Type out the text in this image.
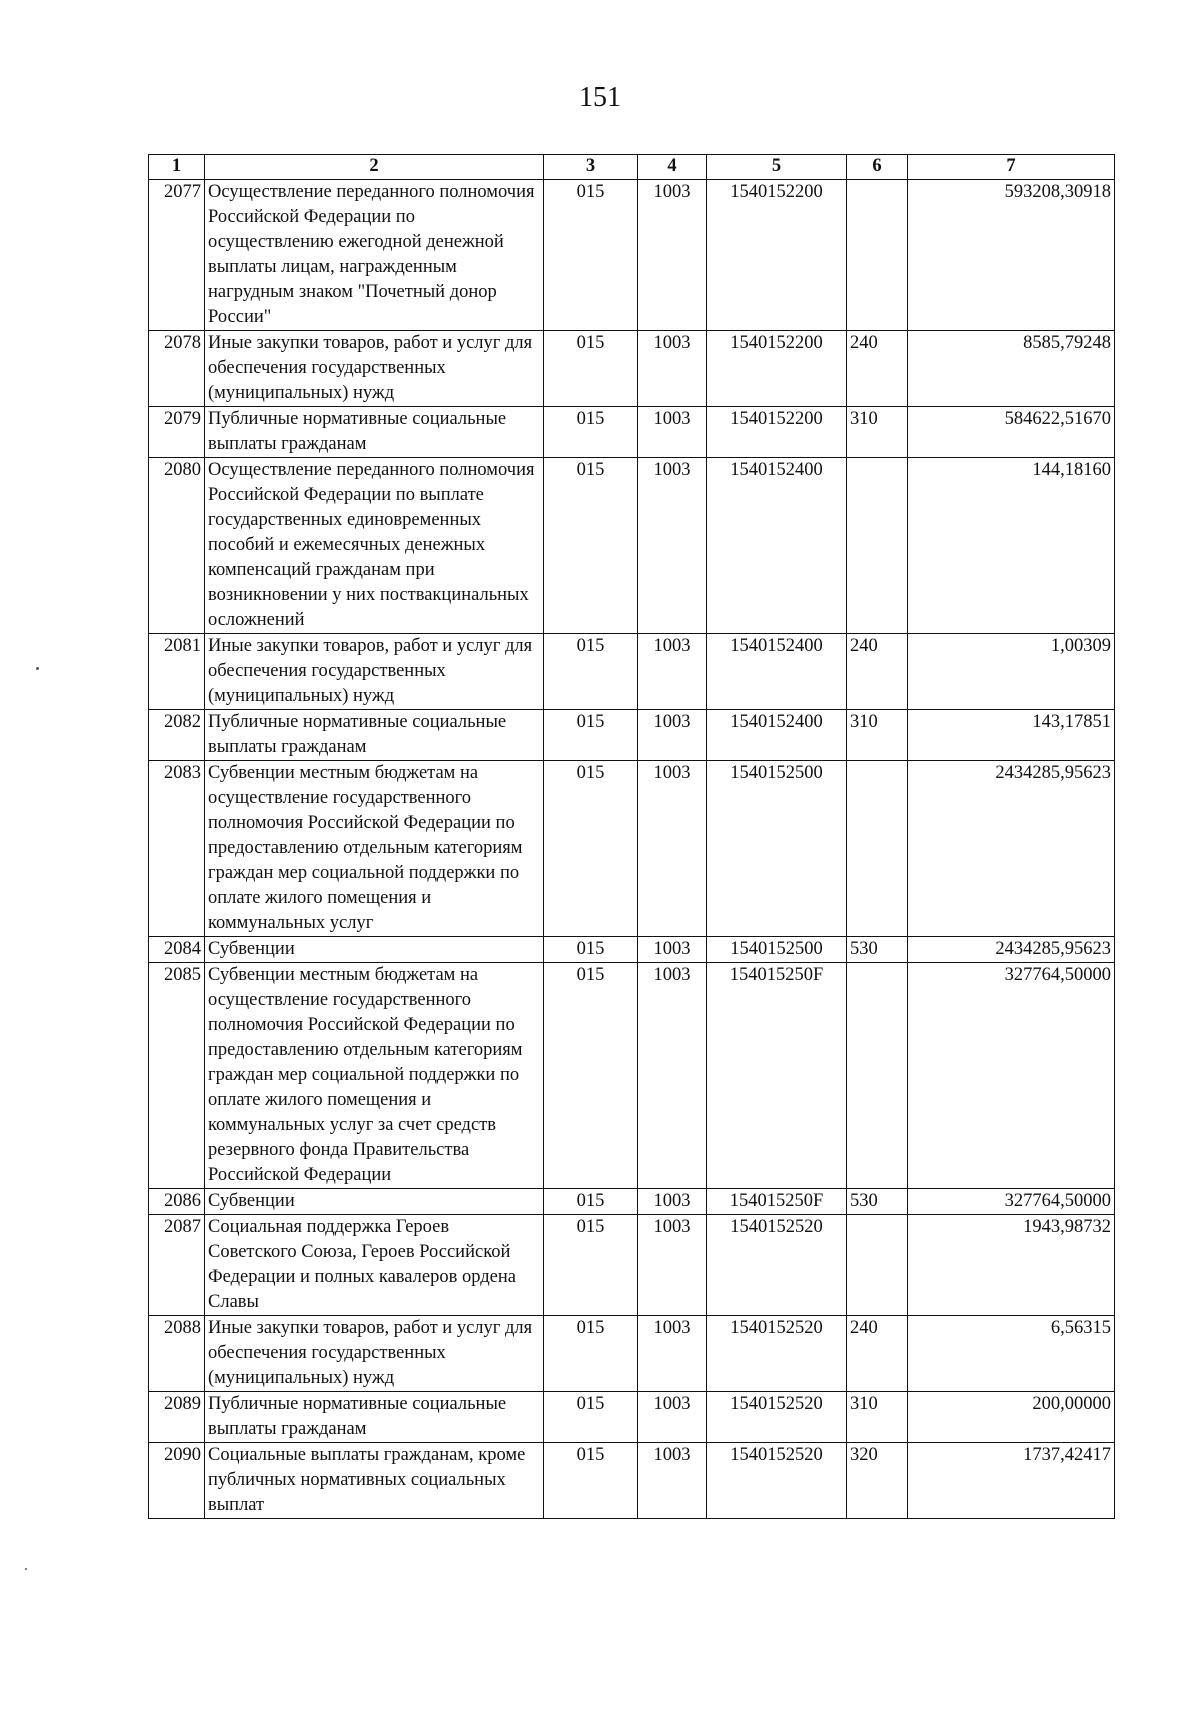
151
1	2	3	4	5	6	7
2077	Осуществление переданного полномочия Российской Федерации по осуществлению ежегодной денежной выплаты лицам, награжденным нагрудным знаком "Почетный донор России"	015	1003	1540152200		593208,30918
2078	Иные закупки товаров, работ и услуг для обеспечения государственных (муниципальных) нужд	015	1003	1540152200	240	8585,79248
2079	Публичные нормативные социальные выплаты гражданам	015	1003	1540152200	310	584622,51670
2080	Осуществление переданного полномочия Российской Федерации по выплате государственных единовременных пособий и ежемесячных денежных компенсаций гражданам при возникновении у них поствакцинальных осложнений	015	1003	1540152400		144,18160
2081	Иные закупки товаров, работ и услуг для обеспечения государственных (муниципальных) нужд	015	1003	1540152400	240	1,00309
2082	Публичные нормативные социальные выплаты гражданам	015	1003	1540152400	310	143,17851
2083	Субвенции местным бюджетам на осуществление государственного полномочия Российской Федерации по предоставлению отдельным категориям граждан мер социальной поддержки по оплате жилого помещения и коммунальных услуг	015	1003	1540152500		2434285,95623
2084	Субвенции	015	1003	1540152500	530	2434285,95623
2085	Субвенции местным бюджетам на осуществление государственного полномочия Российской Федерации по предоставлению отдельным категориям граждан мер социальной поддержки по оплате жилого помещения и коммунальных услуг за счет средств резервного фонда Правительства Российской Федерации	015	1003	154015250F		327764,50000
2086	Субвенции	015	1003	154015250F	530	327764,50000
2087	Социальная поддержка Героев Советского Союза, Героев Российской Федерации и полных кавалеров ордена Славы	015	1003	1540152520		1943,98732
2088	Иные закупки товаров, работ и услуг для обеспечения государственных (муниципальных) нужд	015	1003	1540152520	240	6,56315
2089	Публичные нормативные социальные выплаты гражданам	015	1003	1540152520	310	200,00000
2090	Социальные выплаты гражданам, кроме публичных нормативных социальных выплат	015	1003	1540152520	320	1737,42417
